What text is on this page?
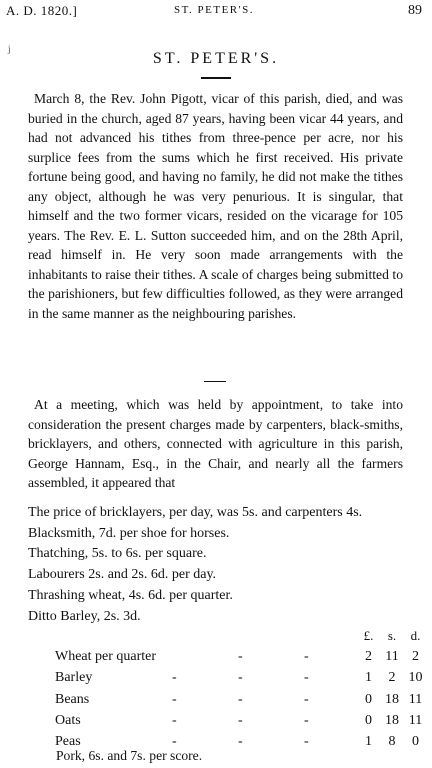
A. D. 1820.]	ST. PETER'S.	89
j
ST. PETER'S.

March 8, the Rev. John Pigott, vicar of this parish, died, and was buried in the church, aged 87 years, having been vicar 44 years, and had not advanced his tithes from three-pence per acre, nor his surplice fees from the sums which he first received. His private fortune being good, and having no family, he did not make the tithes any object, although he was very penurious. It is singular, that himself and the two former vicars, resided on the vicarage for 105 years. The Rev. E. L. Sutton succeeded him, and on the 28th April, read himself in. He very soon made arrangements with the inhabitants to raise their tithes. A scale of charges being submitted to the parishioners, but few difficulties followed, as they were arranged in the same manner as the neighbouring parishes.

At a meeting, which was held by appointment, to take into consideration the present charges made by carpenters, black-smiths, bricklayers, and others, connected with agriculture in this parish, George Hannam, Esq., in the Chair, and nearly all the farmers assembled, it appeared that

The price of bricklayers, per day, was 5s. and carpenters 4s.
Blacksmith, 7d. per shoe for horses.
Thatching, 5s. to 6s. per square.
Labourers 2s. and 2s. 6d. per day.
Thrashing wheat, 4s. 6d. per quarter.
Ditto Barley, 2s. 3d.
				£.	s.	d.
Wheat per quarter		-	-	2	11	2
Barley	-	-	-	1	2	10
Beans	-	-	-	0	18	11
Oats	-	-	-	0	18	11
Peas	-	-	-	1	8	0
Pork, 6s. and 7s. per score.
